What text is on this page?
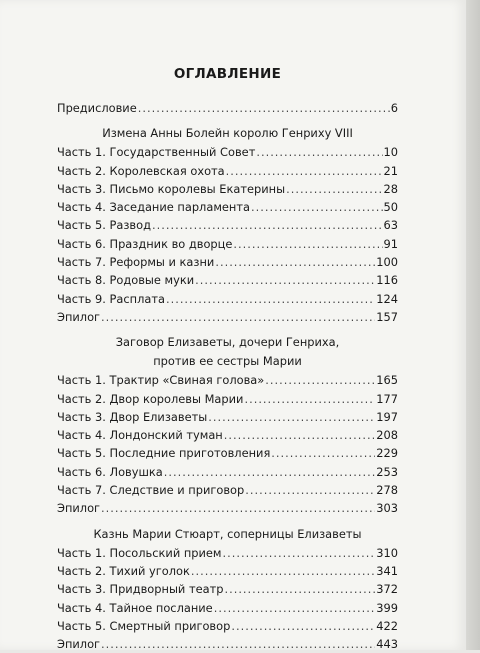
ОГЛАВЛЕНИЕ
Предисловие .....	6
Измена Анны Болейн королю Генриху VIII
Часть 1. Государственный Совет .....	10
Часть 2. Королевская охота .....	21
Часть 3. Письмо королевы Екатерины .....	28
Часть 4. Заседание парламента .....	50
Часть 5. Развод .....	63
Часть 6. Праздник во дворце .....	91
Часть 7. Реформы и казни .....	100
Часть 8. Родовые муки .....	116
Часть 9. Расплата .....	124
Эпилог .....	157
Заговор Елизаветы, дочери Генриха,
против ее сестры Марии
Часть 1. Трактир «Свиная голова» .....	165
Часть 2. Двор королевы Марии .....	177
Часть 3. Двор Елизаветы .....	197
Часть 4. Лондонский туман .....	208
Часть 5. Последние приготовления .....	229
Часть 6. Ловушка .....	253
Часть 7. Следствие и приговор .....	278
Эпилог .....	303
Казнь Марии Стюарт, соперницы Елизаветы
Часть 1. Посольский прием .....	310
Часть 2. Тихий уголок .....	341
Часть 3. Придворный театр .....	372
Часть 4. Тайное послание .....	399
Часть 5. Смертный приговор .....	422
Эпилог .....	443
